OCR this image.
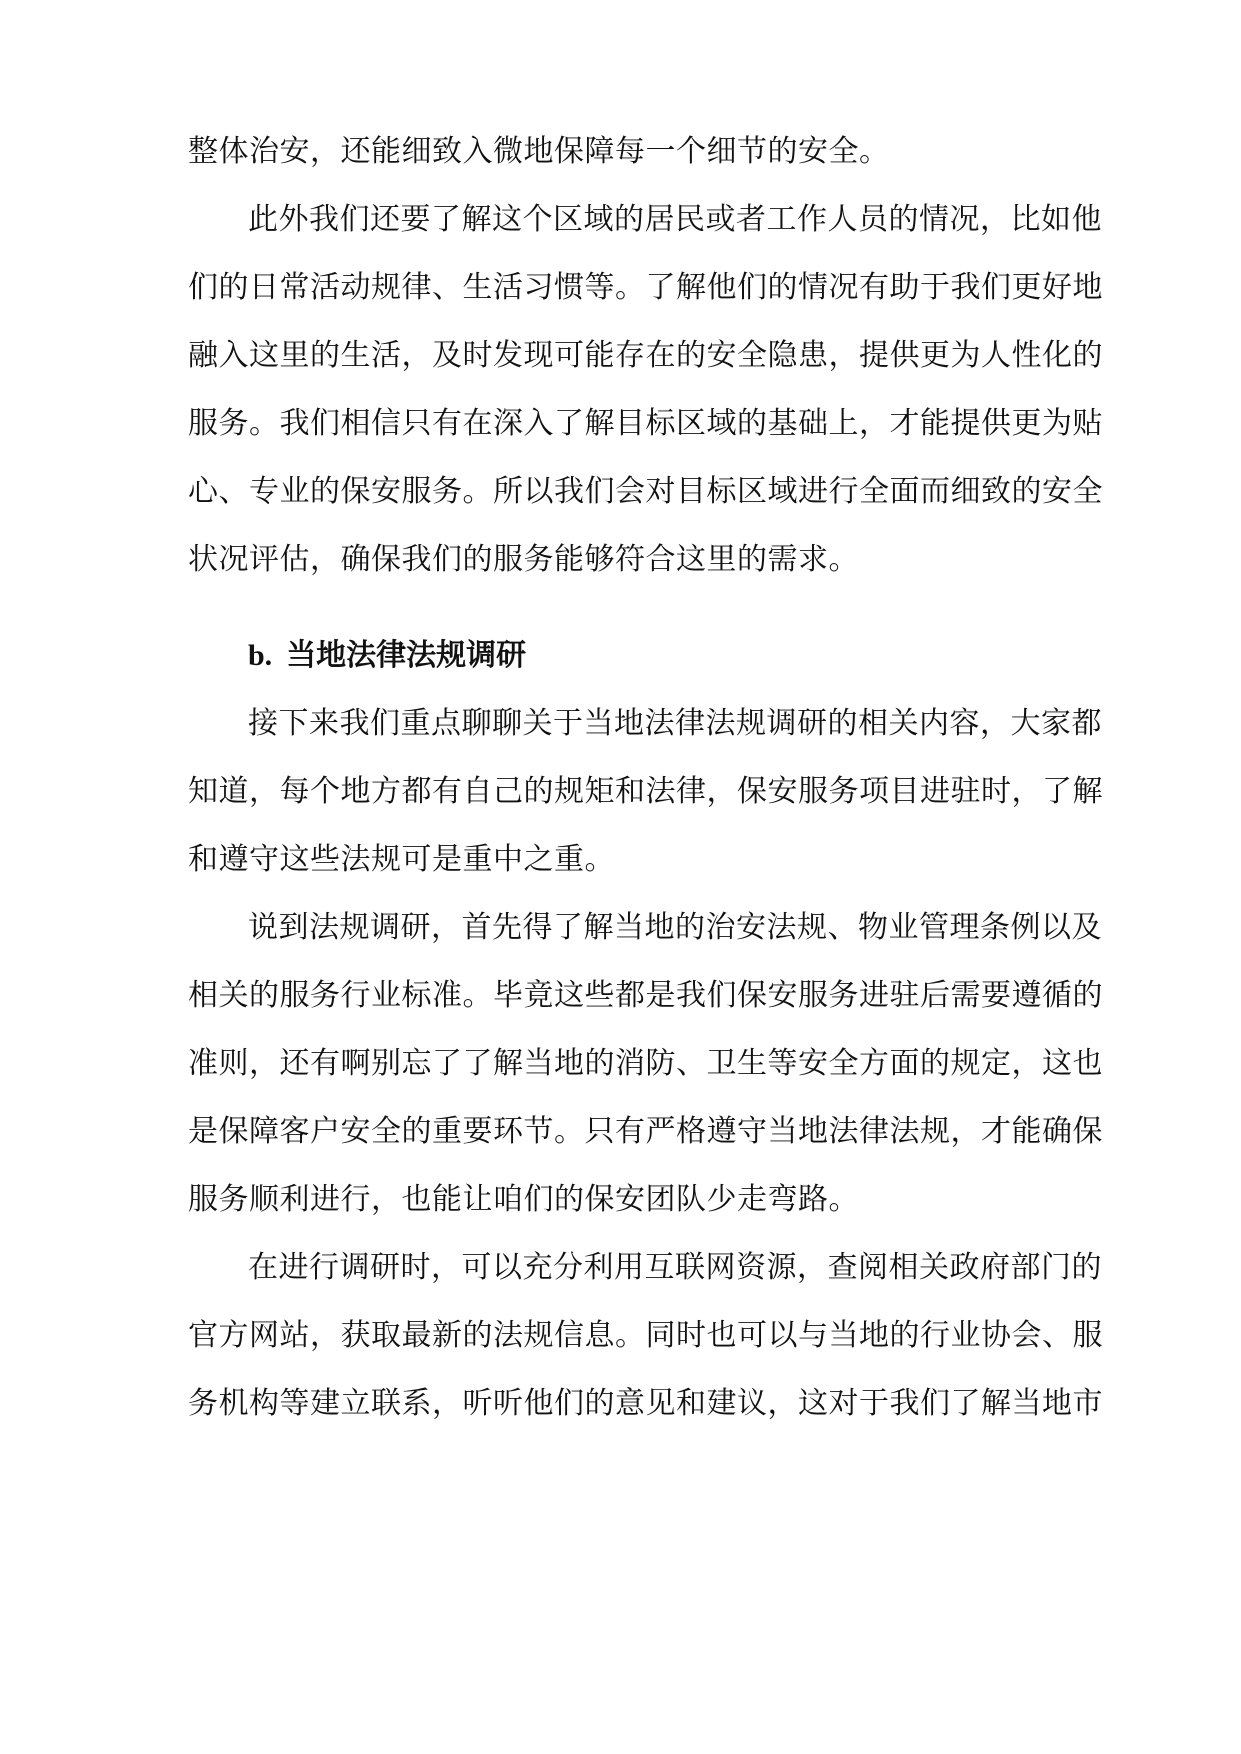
整体治安，还能细致入微地保障每一个细节的安全。
此外我们还要了解这个区域的居民或者工作人员的情况，比如他
们的日常活动规律、生活习惯等。了解他们的情况有助于我们更好地
融入这里的生活，及时发现可能存在的安全隐患，提供更为人性化的
服务。我们相信只有在深入了解目标区域的基础上，才能提供更为贴
心、专业的保安服务。所以我们会对目标区域进行全面而细致的安全
状况评估，确保我们的服务能够符合这里的需求。
b. 当地法律法规调研
接下来我们重点聊聊关于当地法律法规调研的相关内容，大家都
知道，每个地方都有自己的规矩和法律，保安服务项目进驻时，了解
和遵守这些法规可是重中之重。
说到法规调研，首先得了解当地的治安法规、物业管理条例以及
相关的服务行业标准。毕竟这些都是我们保安服务进驻后需要遵循的
准则，还有啊别忘了了解当地的消防、卫生等安全方面的规定，这也
是保障客户安全的重要环节。只有严格遵守当地法律法规，才能确保
服务顺利进行，也能让咱们的保安团队少走弯路。
在进行调研时，可以充分利用互联网资源，查阅相关政府部门的
官方网站，获取最新的法规信息。同时也可以与当地的行业协会、服
务机构等建立联系，听听他们的意见和建议，这对于我们了解当地市
